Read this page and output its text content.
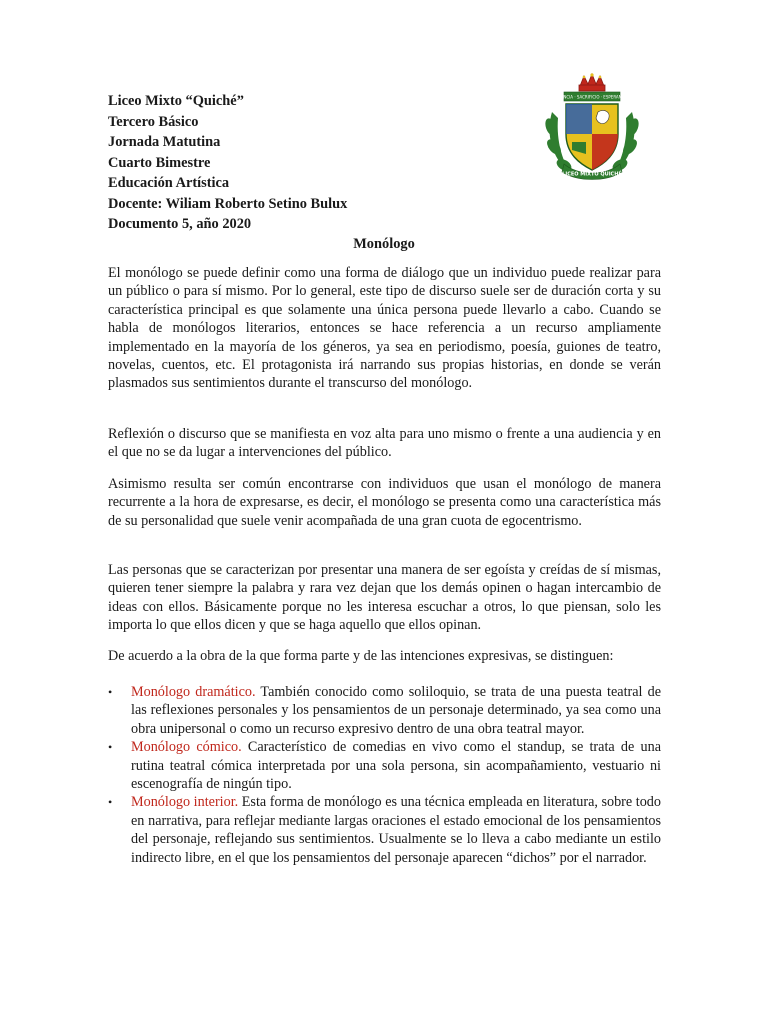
Liceo Mixto “Quiché”
Tercero Básico
Jornada Matutina
Cuarto Bimestre
Educación Artística
Docente: Wiliam Roberto Setino Bulux
Documento 5, año 2020
CIENCIA · SACRIFICIO · ESPERANZA
LICEO MIXTO QUICHÉ
Monólogo

El monólogo se puede definir como una forma de diálogo que un individuo puede realizar para un público o para sí mismo. Por lo general, este tipo de discurso suele ser de duración corta y su característica principal es que solamente una única persona puede llevarlo a cabo. Cuando se habla de monólogos literarios, entonces se hace referencia a un recurso ampliamente implementado en la mayoría de los géneros, ya sea en periodismo, poesía, guiones de teatro, novelas, cuentos, etc. El protagonista irá narrando sus propias historias, en donde se verán plasmados sus sentimientos durante el transcurso del monólogo.

Reflexión o discurso que se manifiesta en voz alta para uno mismo o frente a una audiencia y en el que no se da lugar a intervenciones del público.

Asimismo resulta ser común encontrarse con individuos que usan el monólogo de manera recurrente a la hora de expresarse, es decir, el monólogo se presenta como una característica más de su personalidad que suele venir acompañada de una gran cuota de egocentrismo.

Las personas que se caracterizan por presentar una manera de ser egoísta y creídas de sí mismas, quieren tener siempre la palabra y rara vez dejan que los demás opinen o hagan intercambio de ideas con ellos. Básicamente porque no les interesa escuchar a otros, lo que piensan, solo les importa lo que ellos dicen y que se haga aquello que ellos opinan.

De acuerdo a la obra de la que forma parte y de las intenciones expresivas, se distinguen:

• Monólogo dramático. También conocido como soliloquio, se trata de una puesta teatral de las reflexiones personales y los pensamientos de un personaje determinado, ya sea como una obra unipersonal o como un recurso expresivo dentro de una obra teatral mayor.
• Monólogo cómico. Característico de comedias en vivo como el standup, se trata de una rutina teatral cómica interpretada por una sola persona, sin acompañamiento, vestuario ni escenografía de ningún tipo.
• Monólogo interior. Esta forma de monólogo es una técnica empleada en literatura, sobre todo en narrativa, para reflejar mediante largas oraciones el estado emocional de los pensamientos del personaje, reflejando sus sentimientos. Usualmente se lo lleva a cabo mediante un estilo indirecto libre, en el que los pensamientos del personaje aparecen “dichos” por el narrador.
